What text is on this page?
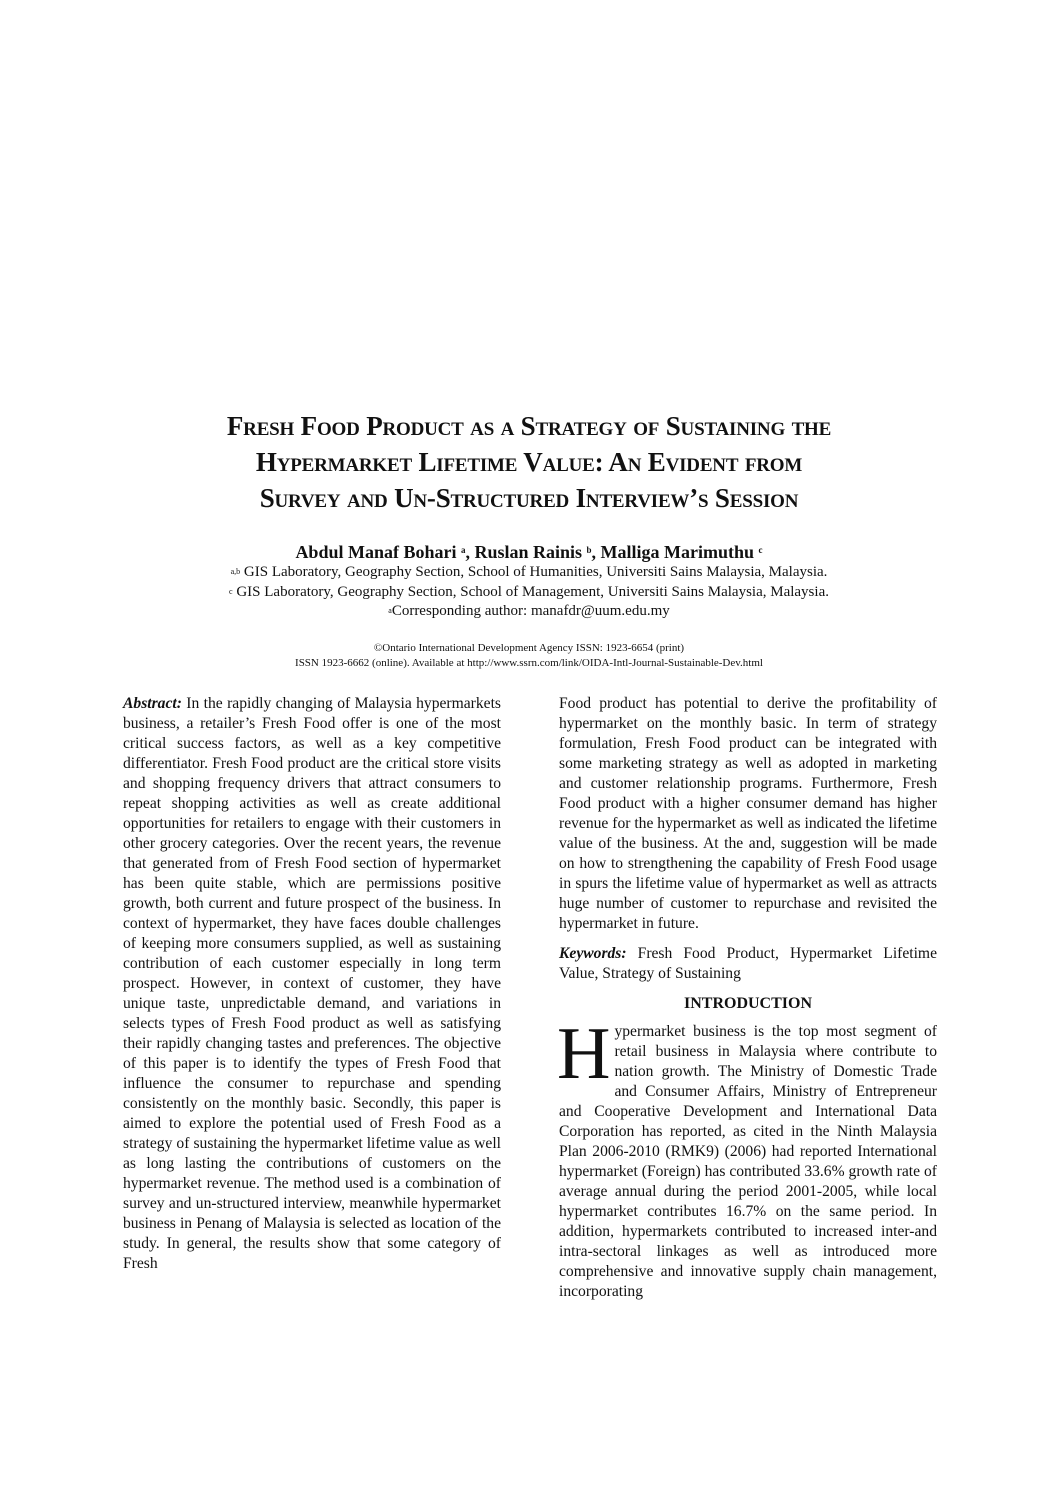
Fresh Food Product as a Strategy of Sustaining the
Hypermarket Lifetime Value: An Evident from
Survey and Un-Structured Interview’s Session
Abdul Manaf Bohari $^a$, Ruslan Rainis $^b$, Malliga Marimuthu $^c$
$^{a,b}$ GIS Laboratory, Geography Section, School of Humanities, Universiti Sains Malaysia, Malaysia.
$^c$ GIS Laboratory, Geography Section, School of Management, Universiti Sains Malaysia, Malaysia.
$^a$Corresponding author: manafdr@uum.edu.my
©Ontario International Development Agency ISSN: 1923-6654 (print)
ISSN 1923-6662 (online). Available at http://www.ssrn.com/link/OIDA-Intl-Journal-Sustainable-Dev.html

Abstract: In the rapidly changing of Malaysia hypermarkets business, a retailer’s Fresh Food offer is one of the most critical success factors, as well as a key competitive differentiator. Fresh Food product are the critical store visits and shopping frequency drivers that attract consumers to repeat shopping activities as well as create additional opportunities for retailers to engage with their customers in other grocery categories. Over the recent years, the revenue that generated from of Fresh Food section of hypermarket has been quite stable, which are permissions positive growth, both current and future prospect of the business. In context of hypermarket, they have faces double challenges of keeping more consumers supplied, as well as sustaining contribution of each customer especially in long term prospect. However, in context of customer, they have unique taste, unpredictable demand, and variations in selects types of Fresh Food product as well as satisfying their rapidly changing tastes and preferences. The objective of this paper is to identify the types of Fresh Food that influence the consumer to repurchase and spending consistently on the monthly basic. Secondly, this paper is aimed to explore the potential used of Fresh Food as a strategy of sustaining the hypermarket lifetime value as well as long lasting the contributions of customers on the hypermarket revenue. The method used is a combination of survey and un-structured interview, meanwhile hypermarket business in Penang of Malaysia is selected as location of the study. In general, the results show that some category of Fresh

Food product has potential to derive the profitability of hypermarket on the monthly basic. In term of strategy formulation, Fresh Food product can be integrated with some marketing strategy as well as adopted in marketing and customer relationship programs. Furthermore, Fresh Food product with a higher consumer demand has higher revenue for the hypermarket as well as indicated the lifetime value of the business. At the and, suggestion will be made on how to strengthening the capability of Fresh Food usage in spurs the lifetime value of hypermarket as well as attracts huge number of customer to repurchase and revisited the hypermarket in future.

Keywords: Fresh Food Product, Hypermarket Lifetime Value, Strategy of Sustaining

INTRODUCTION

Hypermarket business is the top most segment of retail business in Malaysia where contribute to nation growth. The Ministry of Domestic Trade and Consumer Affairs, Ministry of Entrepreneur and Cooperative Development and International Data Corporation has reported, as cited in the Ninth Malaysia Plan 2006-2010 (RMK9) (2006) had reported International hypermarket (Foreign) has contributed 33.6% growth rate of average annual during the period 2001-2005, while local hypermarket contributes 16.7% on the same period. In addition, hypermarkets contributed to increased inter-and intra-sectoral linkages as well as introduced more comprehensive and innovative supply chain management, incorporating
